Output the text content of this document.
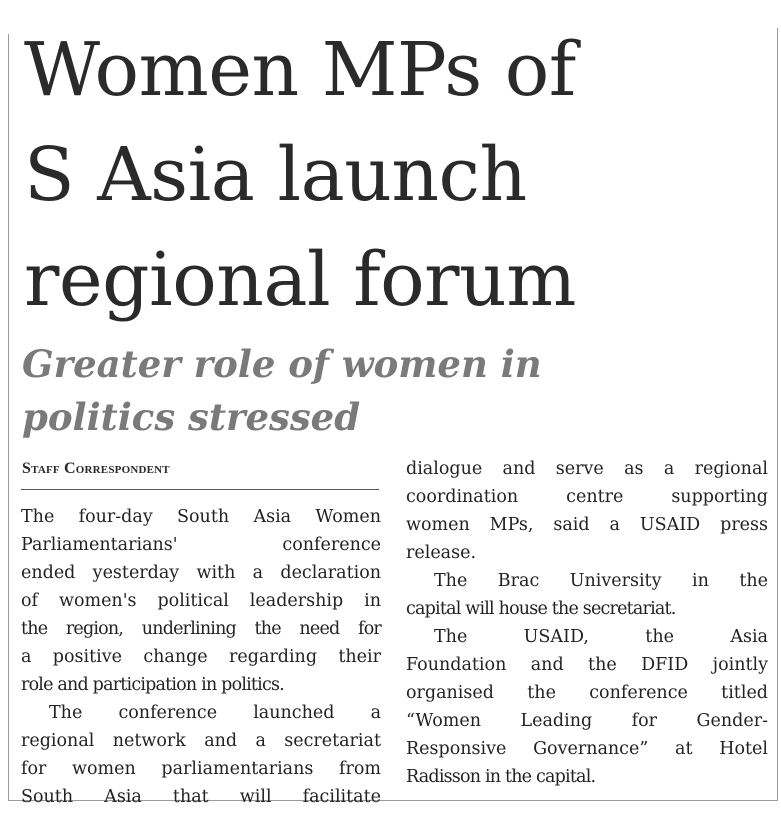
Women MPs of
S Asia launch
regional forum
Greater role of women in
politics stressed
Staff Correspondent
The four-day South Asia Women
Parliamentarians' conference
ended yesterday with a declaration
of women's political leadership in
the region, underlining the need for
a positive change regarding their
role and participation in politics.
The conference launched a
regional network and a secretariat
for women parliamentarians from
South Asia that will facilitate
dialogue and serve as a regional
coordination centre supporting
women MPs, said a USAID press
release.
The Brac University in the
capital will house the secretariat.
The USAID, the Asia
Foundation and the DFID jointly
organised the conference titled
“Women Leading for Gender-
Responsive Governance” at Hotel
Radisson in the capital.
